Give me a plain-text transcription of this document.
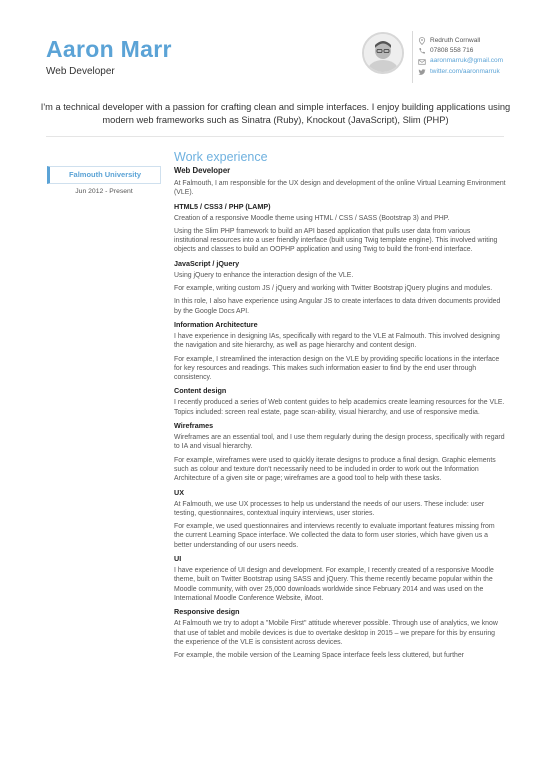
Aaron Marr
Web Developer
Redruth Cornwall
07808 558 716
aaronmarruk@gmail.com
twitter.com/aaronmarruk
I'm a technical developer with a passion for crafting clean and simple interfaces. I enjoy building applications using modern web frameworks such as Sinatra (Ruby), Knockout (JavaScript), Slim (PHP)
Work experience
Falmouth University
Jun 2012 - Present
Web Developer

At Falmouth, I am responsible for the UX design and development of the online Virtual Learning Environment (VLE).

HTML5 / CSS3 / PHP (LAMP)

Creation of a responsive Moodle theme using HTML / CSS / SASS (Bootstrap 3) and PHP.

Using the Slim PHP framework to build an API based application that pulls user data from various institutional resources into a user friendly interface (built using Twig template engine). This involved writing objects and classes to build an OOPHP application and using Twig to build the front-end interface.

JavaScript / jQuery

Using jQuery to enhance the interaction design of the VLE.

For example, writing custom JS / jQuery and working with Twitter Bootstrap jQuery plugins and modules.

In this role, I also have experience using Angular JS to create interfaces to data driven documents provided by the Google Docs API.

Information Architecture

I have experience in designing IAs, specifically with regard to the VLE at Falmouth. This involved designing the navigation and site hierarchy, as well as page hierarchy and content design.

For example, I streamlined the interaction design on the VLE by providing specific locations in the interface for key resources and readings. This makes such information easier to find by the end user through consistency.

Content design

I recently produced a series of Web content guides to help academics create learning resources for the VLE. Topics included: screen real estate, page scan-ability, visual hierarchy, and use of responsive media.

Wireframes

Wireframes are an essential tool, and I use them regularly during the design process, specifically with regard to IA and visual hierarchy.

For example, wireframes were used to quickly iterate designs to produce a final design. Graphic elements such as colour and texture don't necessarily need to be included in order to work out the Information Architecture of a given site or page; wireframes are a good tool to help with these tasks.

UX

At Falmouth, we use UX processes to help us understand the needs of our users. These include: user testing, questionnaires, contextual inquiry interviews, user stories.

For example, we used questionnaires and interviews recently to evaluate important features missing from the current Learning Space interface. We collected the data to form user stories, which have given us a better understanding of our users needs.

UI

I have experience of UI design and development. For example, I recently created of a responsive Moodle theme, built on Twitter Bootstrap using SASS and jQuery. This theme recently became popular within the Moodle community, with over 25,000 downloads worldwide since February 2014 and was used on the International Moodle Conference Website, iMoot.

Responsive design

At Falmouth we try to adopt a "Mobile First" attitude wherever possible. Through use of analytics, we know that use of tablet and mobile devices is due to overtake desktop in 2015 – we prepare for this by ensuring the experience of the VLE is consistent across devices.

For example, the mobile version of the Learning Space interface feels less cluttered, but further
